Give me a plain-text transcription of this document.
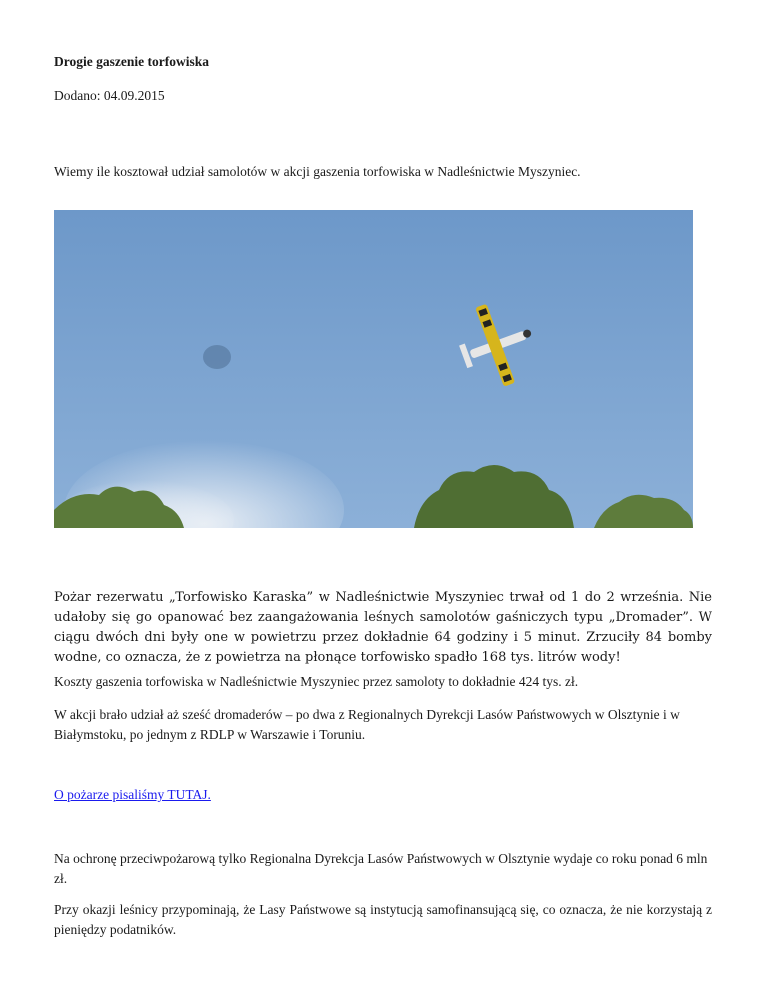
Drogie gaszenie torfowiska
Dodano: 04.09.2015
Wiemy ile kosztował udział samolotów w akcji gaszenia torfowiska w Nadleśnictwie Myszyniec.

Pożar rezerwatu „Torfowisko Karaska” w Nadleśnictwie Myszyniec trwał od 1 do 2 września. Nie udałoby się go opanować bez zaangażowania leśnych samolotów gaśniczych typu „Dromader”. W ciągu dwóch dni były one w powietrzu przez dokładnie 64 godziny i 5 minut. Zrzuciły 84 bomby wodne, co oznacza, że z powietrza na płonące torfowisko spadło 168 tys. litrów wody!

Koszty gaszenia torfowiska w Nadleśnictwie Myszyniec przez samoloty to dokładnie 424 tys. zł.

W akcji brało udział aż sześć dromaderów – po dwa z Regionalnych Dyrekcji Lasów Państwowych w Olsztynie i w Białymstoku, po jednym z RDLP w Warszawie i Toruniu.

O pożarze pisaliśmy TUTAJ.

Na ochronę przeciwpożarową tylko Regionalna Dyrekcja Lasów Państwowych w Olsztynie wydaje co roku ponad 6 mln zł.

Przy okazji leśnicy przypominają, że Lasy Państwowe są instytucją samofinansującą się, co oznacza, że nie korzystają z pieniędzy podatników.
